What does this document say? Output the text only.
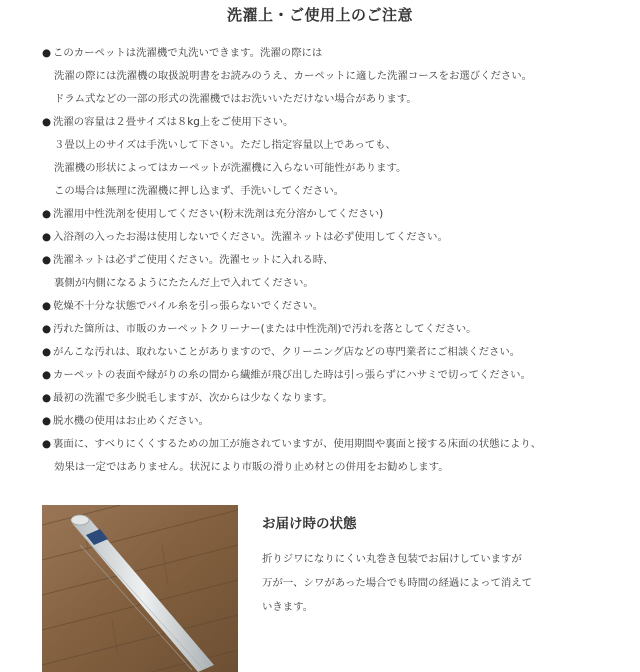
洗濯上・ご使用上のご注意
● このカーペットは洗濯機で丸洗いできます。洗濯の際には
洗濯の際には洗濯機の取扱説明書をお読みのうえ、カーペットに適した洗濯コースをお選びください。
ドラム式などの一部の形式の洗濯機ではお洗いいただけない場合があります。
● 洗濯の容量は２畳サイズは８kg上をご使用下さい。
３畳以上のサイズは手洗いして下さい。ただし指定容量以上であっても、
洗濯機の形状によってはカーペットが洗濯機に入らない可能性があります。
この場合は無理に洗濯機に押し込まず、手洗いしてください。
● 洗濯用中性洗剤を使用してください(粉末洗剤は充分溶かしてください)
● 入浴剤の入ったお湯は使用しないでください。洗濯ネットは必ず使用してください。
● 洗濯ネットは必ずご使用ください。洗濯セットに入れる時、
裏側が内側になるようにたたんだ上で入れてください。
● 乾燥不十分な状態でパイル糸を引っ張らないでください。
● 汚れた箇所は、市販のカーペットクリーナー(または中性洗剤)で汚れを落としてください。
● がんこな汚れは、取れないことがありますので、クリーニング店などの専門業者にご相談ください。
● カーペットの表面や縁がりの糸の間から繊維が飛び出した時は引っ張らずにハサミで切ってください。
● 最初の洗濯で多少脱毛しますが、次からは少なくなります。
● 脱水機の使用はお止めください。
● 裏面に、すべりにくくするための加工が施されていますが、使用期間や裏面と接する床面の状態により、
効果は一定ではありません。状況により市販の滑り止め材との併用をお勧めします。
お届け時の状態
折りジワになりにくい丸巻き包装でお届けしていますが
万が一、シワがあった場合でも時間の経過によって消えて
いきます。
